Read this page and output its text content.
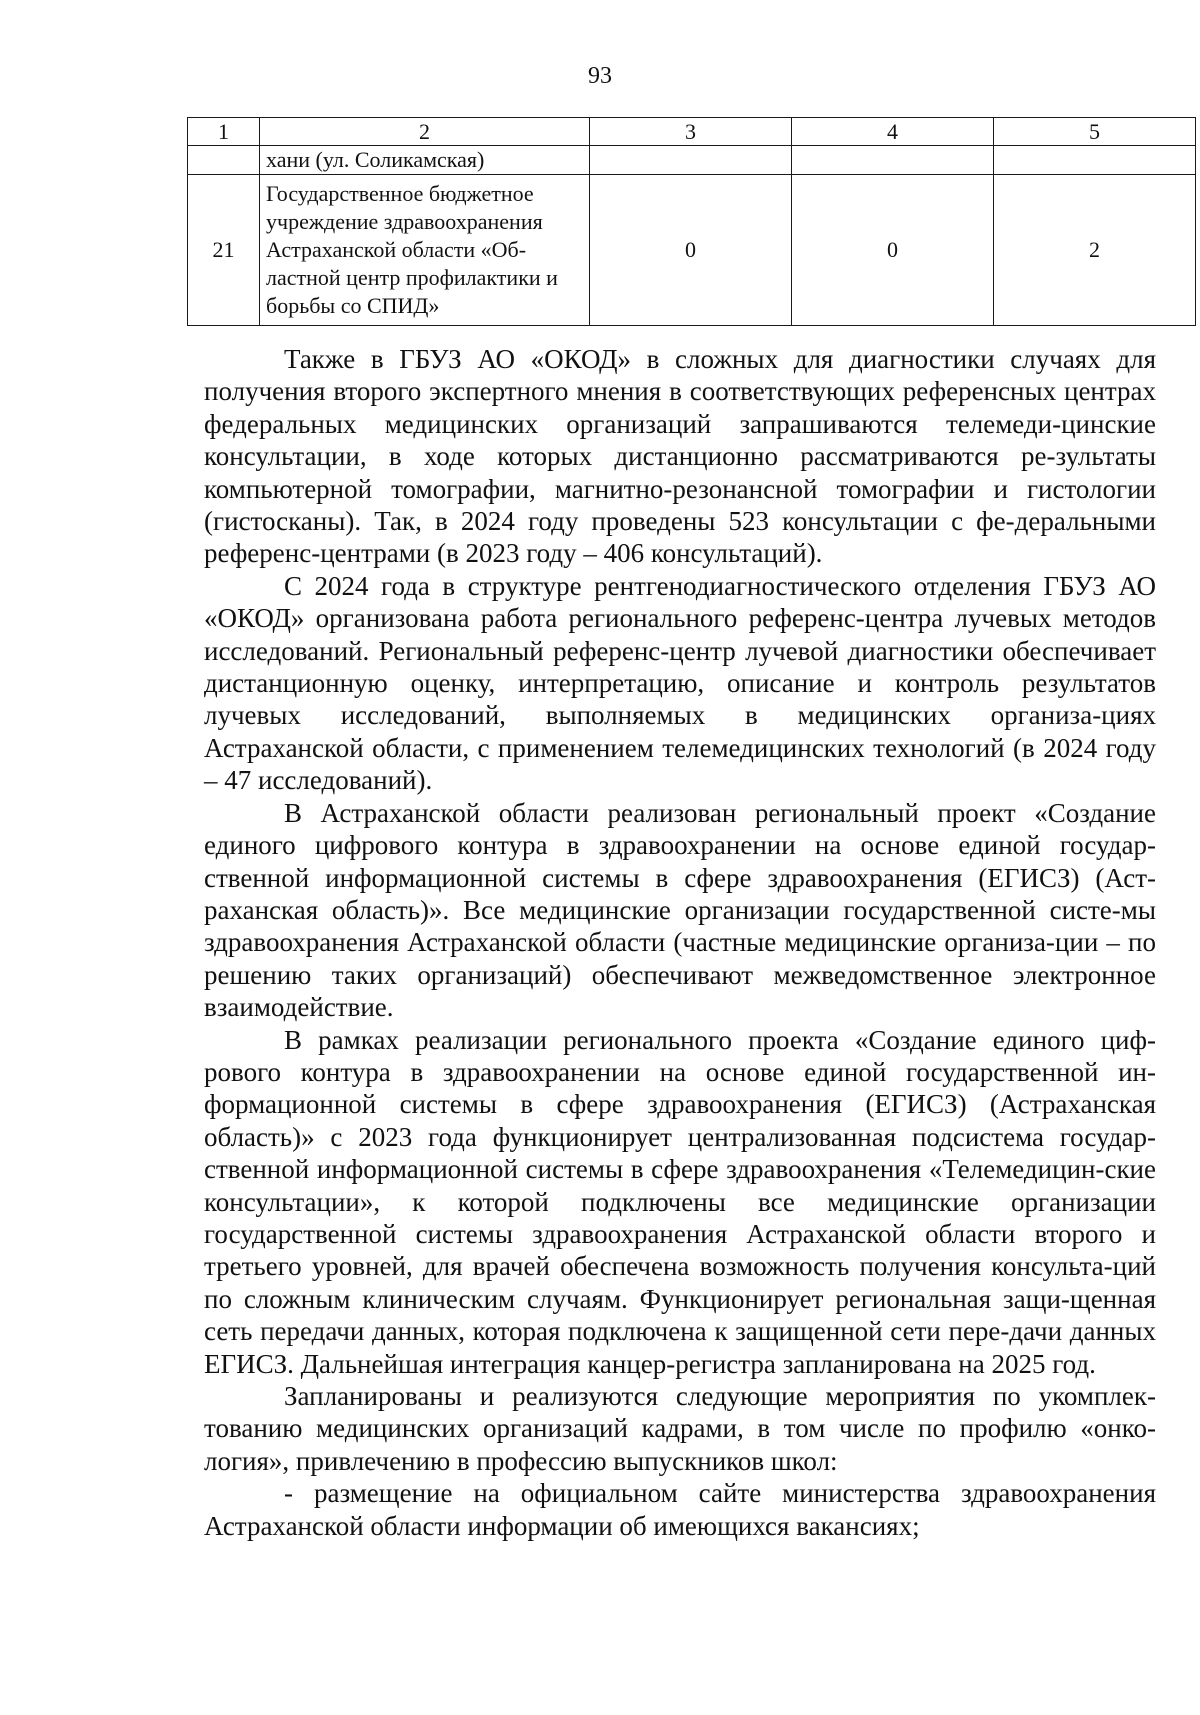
93
1	2	3	4	5
	хани (ул. Соликамская)			
21	Государственное бюджетное учреждение здравоохранения Астраханской области «Об-ластной центр профилактики и борьбы со СПИД»	0	0	2

Также в ГБУЗ АО «ОКОД» в сложных для диагностики случаях для получения второго экспертного мнения в соответствующих референсных центрах федеральных медицинских организаций запрашиваются телемеди-цинские консультации, в ходе которых дистанционно рассматриваются ре-зультаты компьютерной томографии, магнитно-резонансной томографии и гистологии (гистосканы). Так, в 2024 году проведены 523 консультации с фе-деральными референс-центрами (в 2023 году – 406 консультаций).

С 2024 года в структуре рентгенодиагностического отделения ГБУЗ АО «ОКОД» организована работа регионального референс-центра лучевых методов исследований. Региональный референс-центр лучевой диагностики обеспечивает дистанционную оценку, интерпретацию, описание и контроль результатов лучевых исследований, выполняемых в медицинских организа-циях Астраханской области, с применением телемедицинских технологий (в 2024 году – 47 исследований).

В Астраханской области реализован региональный проект «Создание единого цифрового контура в здравоохранении на основе единой государ-ственной информационной системы в сфере здравоохранения (ЕГИСЗ) (Аст-раханская область)». Все медицинские организации государственной систе-мы здравоохранения Астраханской области (частные медицинские организа-ции – по решению таких организаций) обеспечивают межведомственное электронное взаимодействие.

В рамках реализации регионального проекта «Создание единого циф-рового контура в здравоохранении на основе единой государственной ин-формационной системы в сфере здравоохранения (ЕГИСЗ) (Астраханская область)» с 2023 года функционирует централизованная подсистема государ-ственной информационной системы в сфере здравоохранения «Телемедицин-ские консультации», к которой подключены все медицинские организации государственной системы здравоохранения Астраханской области второго и третьего уровней, для врачей обеспечена возможность получения консульта-ций по сложным клиническим случаям. Функционирует региональная защи-щенная сеть передачи данных, которая подключена к защищенной сети пере-дачи данных ЕГИСЗ. Дальнейшая интеграция канцер-регистра запланирована на 2025 год.

Запланированы и реализуются следующие мероприятия по укомплек-тованию медицинских организаций кадрами, в том числе по профилю «онко-логия», привлечению в профессию выпускников школ:

- размещение на официальном сайте министерства здравоохранения Астраханской области информации об имеющихся вакансиях;
